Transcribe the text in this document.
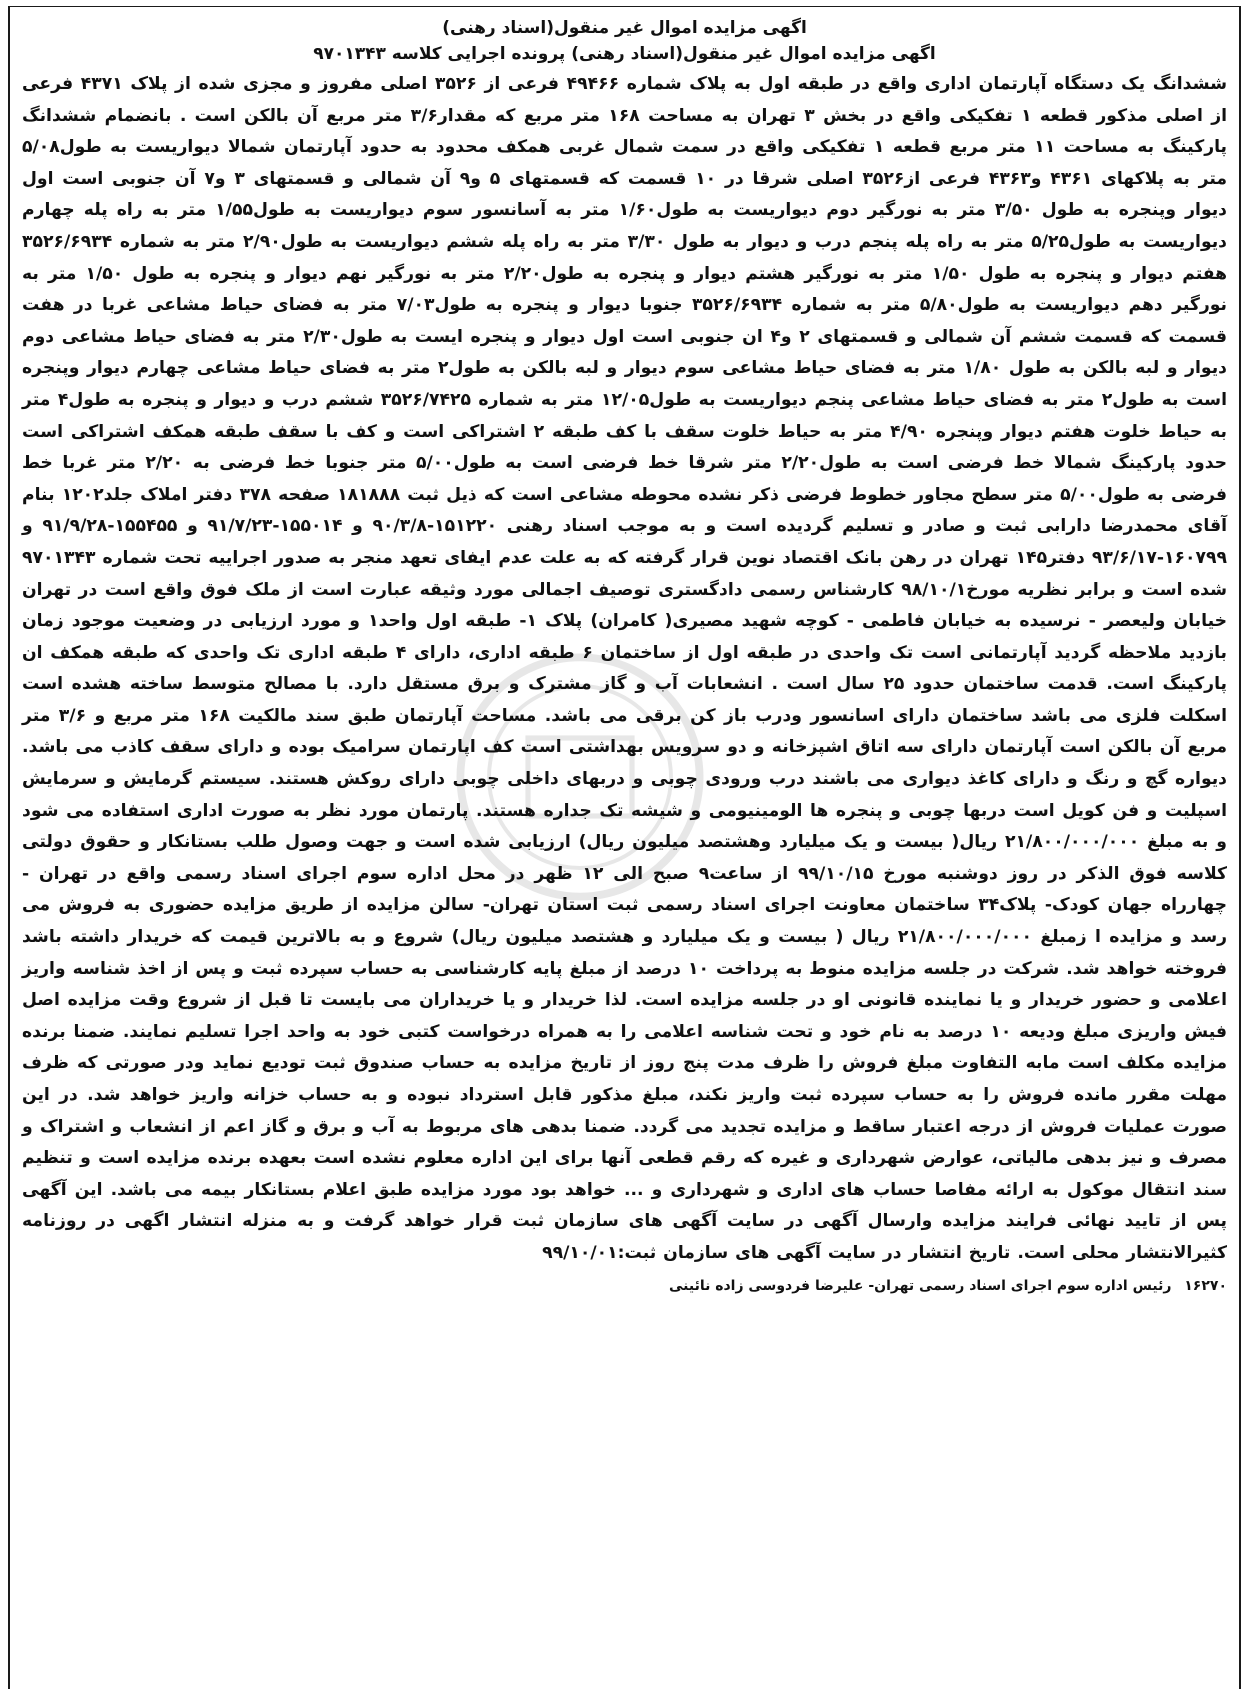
اگهی مزایده اموال غیر منقول(اسناد رهنی)
اگهی مزایده اموال غیر منقول(اسناد رهنی) پرونده اجرایی کلاسه ۹۷۰۱۳۴۳

ششدانگ یک دستگاه آپارتمان اداری واقع در طبقه اول به پلاک شماره ۴۹۴۶۶ فرعی از ۳۵۲۶ اصلی مفروز و مجزی شده از پلاک ۴۳۷۱ فرعی از اصلی مذکور قطعه ۱ تفکیکی واقع در بخش ۳ تهران به مساحت ۱۶۸ متر مربع که مقدار۳/۶ متر مربع آن بالکن است . بانضمام ششدانگ پارکینگ به مساحت ۱۱ متر مربع قطعه ۱ تفکیکی واقع در سمت شمال غربی همکف محدود به حدود آپارتمان شمالا دیواریست به طول۵/۰۸ متر به پلاکهای ۴۳۶۱ و۴۳۶۳ فرعی از۳۵۲۶ اصلی شرقا در ۱۰ قسمت که قسمتهای ۵ و۹ آن شمالی و قسمتهای ۳ و۷ آن جنوبی است اول دیوار وپنجره به طول ۳/۵۰ متر به نورگیر دوم دیواریست به طول۱/۶۰ متر به آسانسور سوم دیواریست به طول۱/۵۵ متر به راه پله چهارم دیواریست به طول۵/۲۵ متر به راه پله پنجم درب و دیوار به طول ۳/۳۰ متر به راه پله ششم دیواریست به طول۲/۹۰ متر به شماره ۳۵۲۶/۶۹۳۴ هفتم دیوار و پنجره به طول ۱/۵۰ متر به نورگیر هشتم دیوار و پنجره به طول۲/۲۰ متر به نورگیر نهم دیوار و پنجره به طول ۱/۵۰ متر به نورگیر دهم دیواریست به طول۵/۸۰ متر به شماره ۳۵۲۶/۶۹۳۴ جنوبا دیوار و پنجره به طول۷/۰۳ متر به فضای حیاط مشاعی غربا در هفت قسمت که قسمت ششم آن شمالی و قسمتهای ۲ و۴ ان جنوبی است اول دیوار و پنجره ایست به طول۲/۳۰ متر به فضای حیاط مشاعی دوم دیوار و لبه بالکن به طول ۱/۸۰ متر به فضای حیاط مشاعی سوم دیوار و لبه بالکن به طول۲ متر به فضای حیاط مشاعی چهارم دیوار وپنجره است به طول۲ متر به فضای حیاط مشاعی پنجم دیواریست به طول۱۲/۰۵ متر به شماره ۳۵۲۶/۷۴۲۵ ششم درب و دیوار و پنجره به طول۴ متر به حیاط خلوت هفتم دیوار وپنجره ۴/۹۰ متر به حیاط خلوت سقف با کف طبقه ۲ اشتراکی است و کف با سقف طبقه همکف اشتراکی است حدود پارکینگ شمالا خط فرضی است به طول۲/۲۰ متر شرقا خط فرضی است به طول۵/۰۰ متر جنوبا خط فرضی به ۲/۲۰ متر غربا خط فرضی به طول۵/۰۰ متر سطح مجاور خطوط فرضی ذکر نشده محوطه مشاعی است که ذیل ثبت ۱۸۱۸۸۸ صفحه ۳۷۸ دفتر املاک جلد۱۲۰۲ بنام آقای محمدرضا دارابی ثبت و صادر و تسلیم گردیده است و به موجب اسناد رهنی ۱۵۱۲۲۰-۹۰/۳/۸ و ۱۵۵۰۱۴-۹۱/۷/۲۳ و ۱۵۵۴۵۵-۹۱/۹/۲۸ و ۱۶۰۷۹۹-۹۳/۶/۱۷ دفتر۱۴۵ تهران در رهن بانک اقتصاد نوین قرار گرفته که به علت عدم ایفای تعهد منجر به صدور اجراییه تحت شماره ۹۷۰۱۳۴۳ شده است و برابر نظریه مورخ۹۸/۱۰/۱ کارشناس رسمی دادگستری توصیف اجمالی مورد وثیقه عبارت است از ملک فوق واقع است در تهران خیابان ولیعصر - نرسیده به خیابان فاطمی - کوچه شهید مصیری( کامران) پلاک ۱- طبقه اول واحد۱ و مورد ارزیابی در وضعیت موجود زمان بازدید ملاحظه گردید آپارتمانی است تک واحدی در طبقه اول از ساختمان ۶ طبقه اداری، دارای ۴ طبقه اداری تک واحدی که طبقه همکف ان پارکینگ است. قدمت ساختمان حدود ۲۵ سال است . انشعابات آب و گاز مشترک و برق مستقل دارد. با مصالح متوسط ساخته هشده است اسکلت فلزی می باشد ساختمان دارای اسانسور ودرب باز کن برقی می باشد. مساحت آپارتمان طبق سند مالکیت ۱۶۸ متر مربع و ۳/۶ متر مربع آن بالکن است آپارتمان دارای سه اتاق اشپزخانه و دو سرویس بهداشتی است کف اپارتمان سرامیک بوده و دارای سقف کاذب می باشد. دیواره گچ و رنگ و دارای کاغذ دیواری می باشند درب ورودی چوبی و دربهای داخلی چوبی دارای روکش هستند. سیستم گرمایش و سرمایش اسپلیت و فن کویل است دربها چوبی و پنجره ها الومینیومی و شیشه تک جداره هستند. پارتمان مورد نظر به صورت اداری استفاده می شود و به مبلغ ۲۱/۸۰۰/۰۰۰/۰۰۰ ریال( بیست و یک میلیارد وهشتصد میلیون ریال) ارزیابی شده است و جهت وصول طلب بستانکار و حقوق دولتی کلاسه فوق الذکر در روز دوشنبه مورخ ۹۹/۱۰/۱۵ از ساعت۹ صبح الی ۱۲ ظهر در محل اداره سوم اجرای اسناد رسمی واقع در تهران - چهارراه جهان کودک- پلاک۳۴ ساختمان معاونت اجرای اسناد رسمی ثبت استان تهران- سالن مزایده از طریق مزایده حضوری به فروش می رسد و مزایده ا زمبلغ ۲۱/۸۰۰/۰۰۰/۰۰۰ ریال ( بیست و یک میلیارد و هشتصد میلیون ریال) شروع و به بالاترین قیمت که خریدار داشته باشد فروخته خواهد شد. شرکت در جلسه مزایده منوط به پرداخت ۱۰ درصد از مبلغ پایه کارشناسی به حساب سپرده ثبت و پس از اخذ شناسه واریز اعلامی و حضور خریدار و یا نماینده قانونی او در جلسه مزایده است. لذا خریدار و یا خریداران می بایست تا قبل از شروع وقت مزایده اصل فیش واریزی مبلغ ودیعه ۱۰ درصد به نام خود و تحت شناسه اعلامی را به همراه درخواست کتبی خود به واحد اجرا تسلیم نمایند. ضمنا برنده مزایده مکلف است مابه التفاوت مبلغ فروش را ظرف مدت پنج روز از تاریخ مزایده به حساب صندوق ثبت تودیع نماید ودر صورتی که ظرف مهلت مقرر مانده فروش را به حساب سپرده ثبت واریز نکند، مبلغ مذکور قابل استرداد نبوده و به حساب خزانه واریز خواهد شد. در این صورت عملیات فروش از درجه اعتبار ساقط و مزایده تجدید می گردد. ضمنا بدهی های مربوط به آب و برق و گاز اعم از انشعاب و اشتراک و مصرف و نیز بدهی مالیاتی، عوارض شهرداری و غیره که رقم قطعی آنها برای این اداره معلوم نشده است بعهده برنده مزایده است و تنظیم سند انتقال موکول به ارائه مفاصا حساب های اداری و شهرداری و ... خواهد بود مورد مزایده طبق اعلام بستانکار بیمه می باشد. این آگهی پس از تایید نهائی فرایند مزایده وارسال آگهی در سایت آگهی های سازمان ثبت قرار خواهد گرفت و به منزله انتشار اگهی در روزنامه کثیرالانتشار محلی است. تاریخ انتشار در سایت آگهی های سازمان ثبت:۹۹/۱۰/۰۱

۱۶۲۷۰ رئیس اداره سوم اجرای اسناد رسمی تهران- علیرضا فردوسی زاده نائینی
